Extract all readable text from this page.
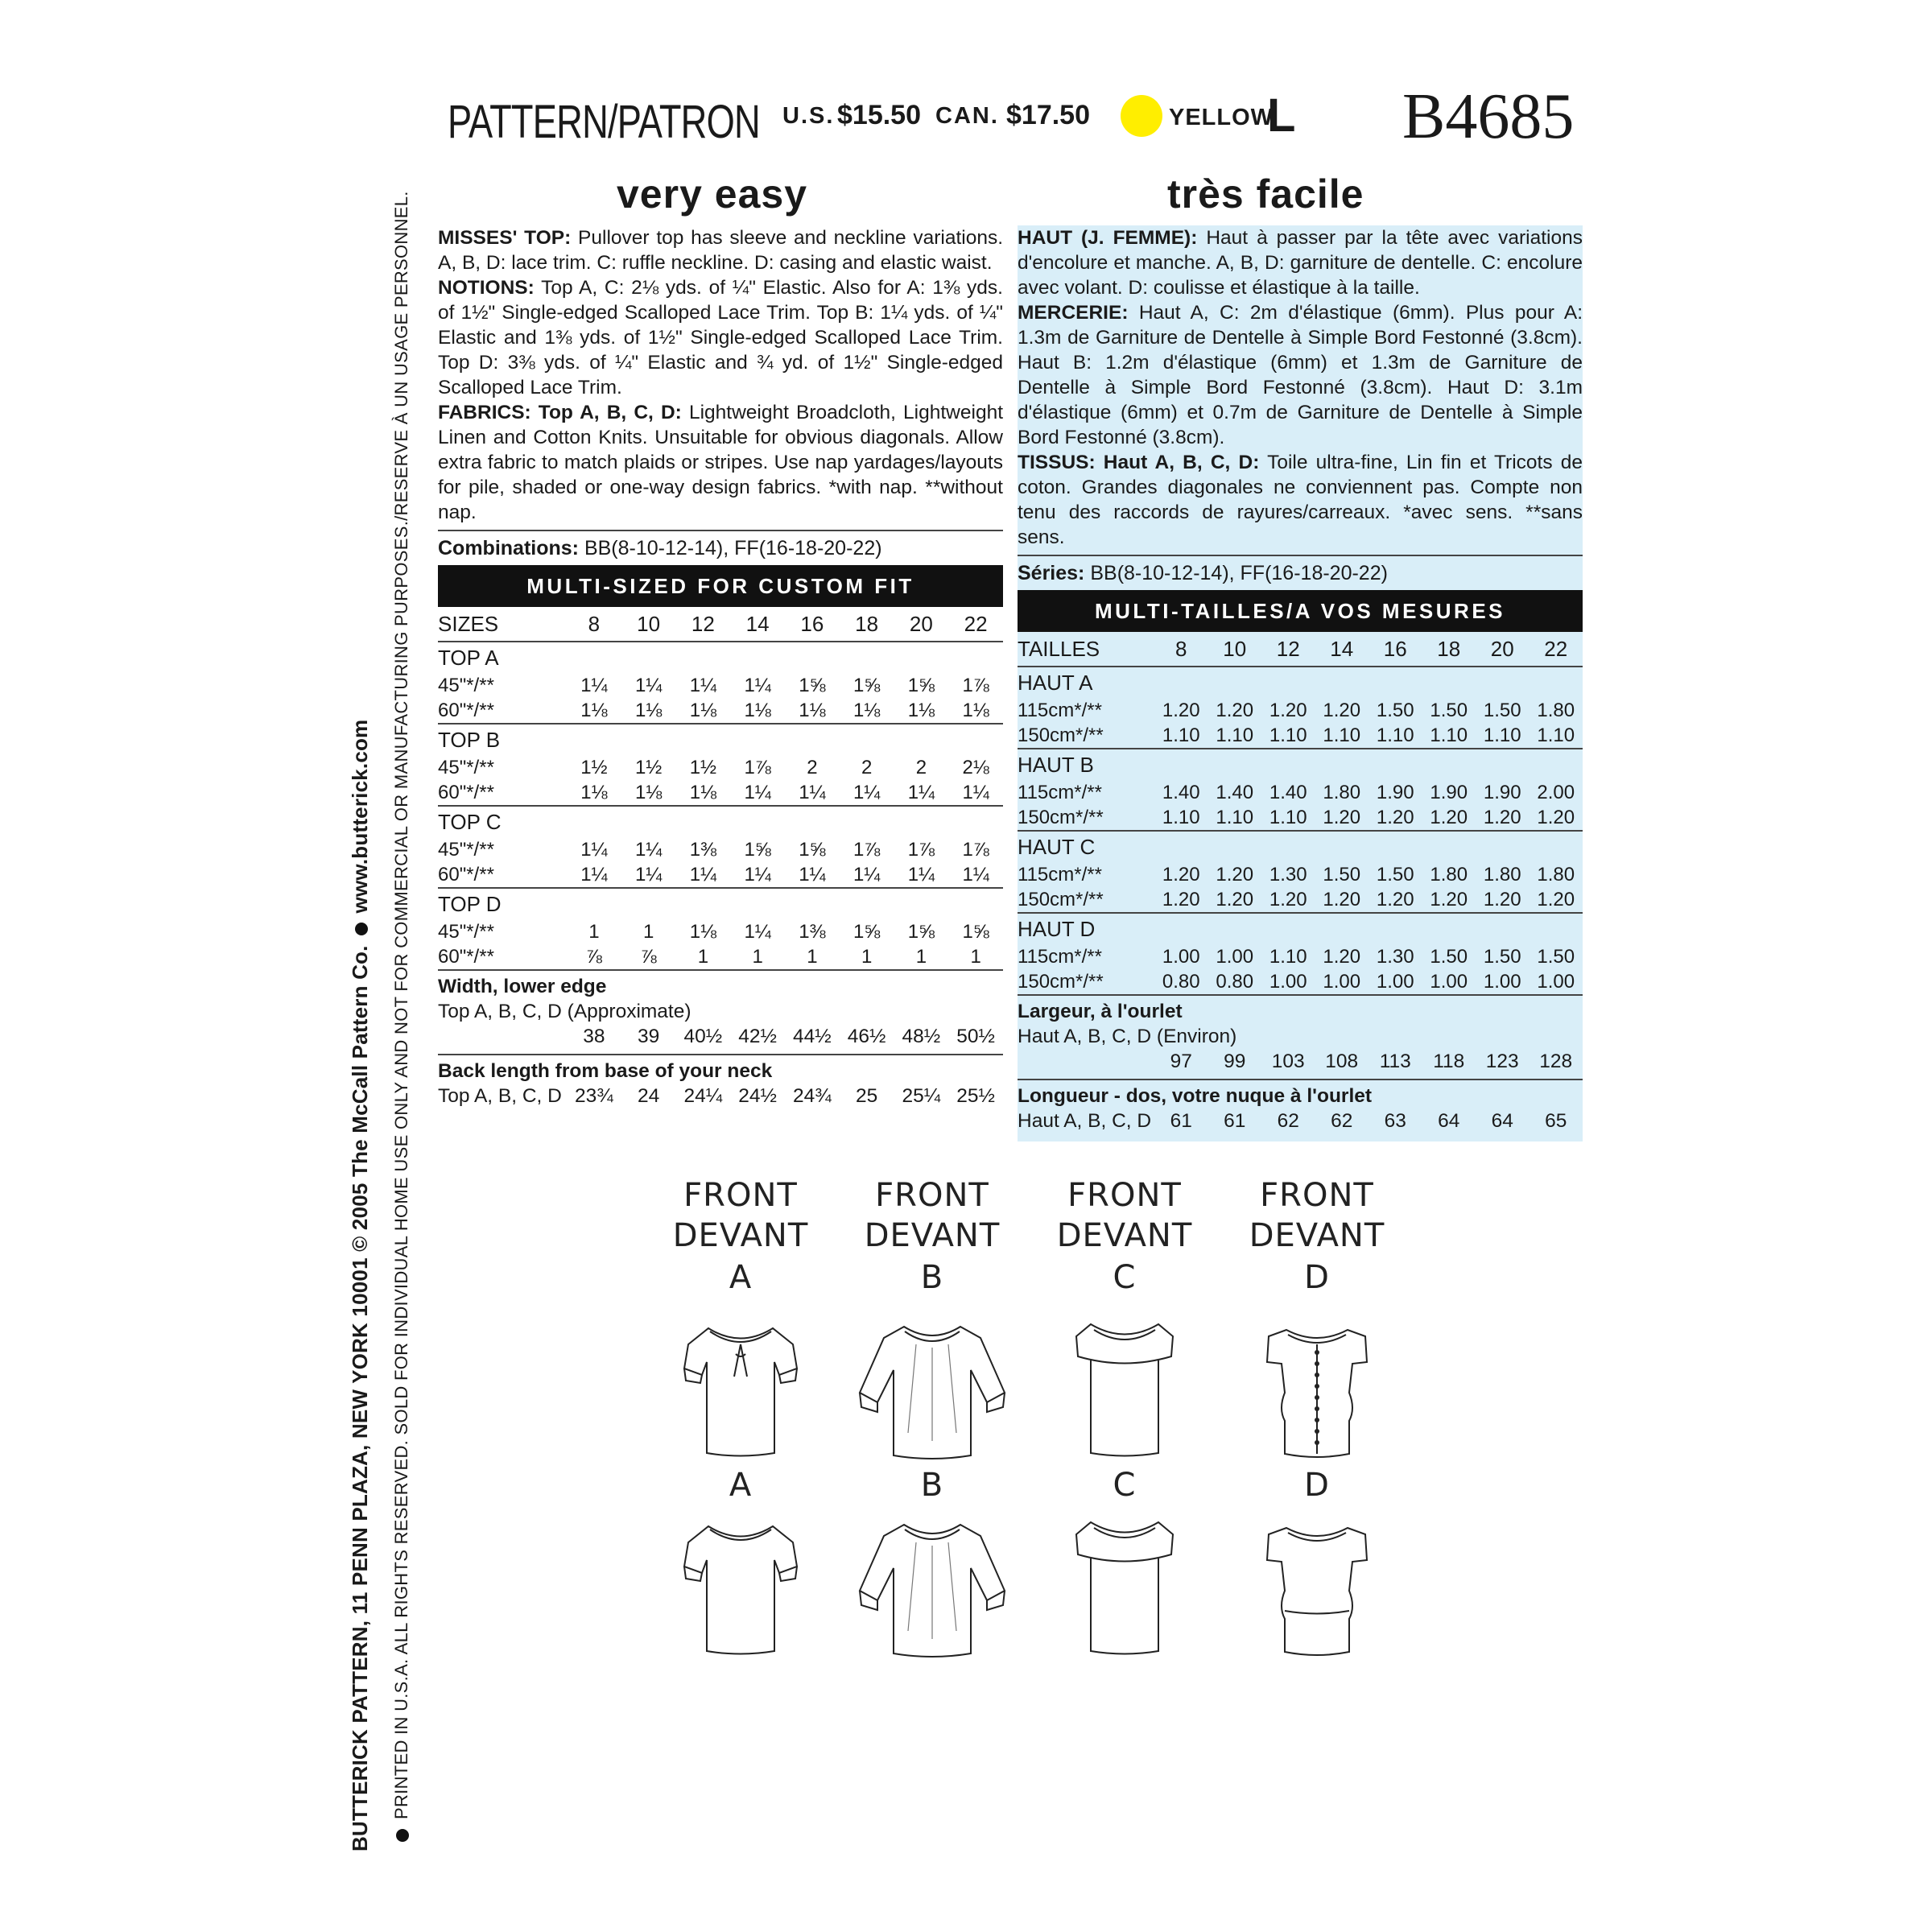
BUTTERICK PATTERN, 11 PENN PLAZA, NEW YORK 10001 © 2005 The McCall Pattern Co.www.butterick.com PRINTED IN U.S.A. ALL RIGHTS RESERVED. SOLD FOR INDIVIDUAL HOME USE ONLY AND NOT FOR COMMERCIAL OR MANUFACTURING PURPOSES./RESERVE À UN USAGE PERSONNEL.
PATTERN/PATRON U.S. $15.50 CAN. $17.50	YELLOW
L B4685
very easy	très facile

MISSES' TOP: Pullover top has sleeve and neckline variations. A, B, D: lace trim. C: ruffle neckline. D: casing and elastic waist.

NOTIONS: Top A, C: 2⅛ yds. of ¼" Elastic. Also for A: 1⅜ yds. of 1½" Single-edged Scalloped Lace Trim. Top B: 1¼ yds. of ¼" Elastic and 1⅜ yds. of 1½" Single-edged Scalloped Lace Trim. Top D: 3⅜ yds. of ¼" Elastic and ¾ yd. of 1½" Single-edged Scalloped Lace Trim.

FABRICS: Top A, B, C, D: Lightweight Broadcloth, Lightweight Linen and Cotton Knits. Unsuitable for obvious diagonals. Allow extra fabric to match plaids or stripes. Use nap yardages/layouts for pile, shaded or one-way design fabrics. *with nap. **without nap.

Combinations: BB(8-10-12-14), FF(16-18-20-22)
MULTI-SIZED FOR CUSTOM FIT
SIZES	8	10	12	14	16	18	20	22
TOP A								
45"*/**	1¼	1¼	1¼	1¼	1⅝	1⅝	1⅝	1⅞
60"*/**	1⅛	1⅛	1⅛	1⅛	1⅛	1⅛	1⅛	1⅛
TOP B								
45"*/**	1½	1½	1½	1⅞	2	2	2	2⅛
60"*/**	1⅛	1⅛	1⅛	1¼	1¼	1¼	1¼	1¼
TOP C								
45"*/**	1¼	1¼	1⅜	1⅝	1⅝	1⅞	1⅞	1⅞
60"*/**	1¼	1¼	1¼	1¼	1¼	1¼	1¼	1¼
TOP D								
45"*/**	1	1	1⅛	1¼	1⅜	1⅝	1⅝	1⅝
60"*/**	⅞	⅞	1	1	1	1	1	1
Width, lower edge
Top A, B, C, D (Approximate)
38	39	40½ 42½ 44½ 46½ 48½ 50½
Back length from base of your neck
Top A, B, C, D 23¾	24	24¼ 24½ 24¾	25	25¼ 25½

HAUT (J. FEMME): Haut à passer par la tête avec variations d'encolure et manche. A, B, D: garniture de dentelle. C: encolure avec volant. D: coulisse et élastique à la taille.

MERCERIE: Haut A, C: 2m d'élastique (6mm). Plus pour A: 1.3m de Garniture de Dentelle à Simple Bord Festonné (3.8cm). Haut B: 1.2m d'élastique (6mm) et 1.3m de Garniture de Dentelle à Simple Bord Festonné (3.8cm). Haut D: 3.1m d'élastique (6mm) et 0.7m de Garniture de Dentelle à Simple Bord Festonné (3.8cm).

TISSUS: Haut A, B, C, D: Toile ultra-fine, Lin fin et Tricots de coton. Grandes diagonales ne conviennent pas. Compte non tenu des raccords de rayures/carreaux. *avec sens. **sans sens.

Séries: BB(8-10-12-14), FF(16-18-20-22)
MULTI-TAILLES/A VOS MESURES
TAILLES	8	10	12	14	16	18	20	22
HAUT A								
115cm*/**	1.20	1.20	1.20	1.20	1.50	1.50	1.50	1.80
150cm*/**	1.10	1.10	1.10	1.10	1.10	1.10	1.10	1.10
HAUT B								
115cm*/**	1.40	1.40	1.40	1.80	1.90	1.90	1.90	2.00
150cm*/**	1.10	1.10	1.10	1.20	1.20	1.20	1.20	1.20
HAUT C								
115cm*/**	1.20	1.20	1.30	1.50	1.50	1.80	1.80	1.80
150cm*/**	1.20	1.20	1.20	1.20	1.20	1.20	1.20	1.20
HAUT D								
115cm*/**	1.00	1.00	1.10	1.20	1.30	1.50	1.50	1.50
150cm*/**	0.80	0.80	1.00	1.00	1.00	1.00	1.00	1.00
Largeur, à l'ourlet
Haut A, B, C, D (Environ)
97	99	103	108	113	118	123	128
Longueur - dos, votre nuque à l'ourlet
Haut A, B, C, D 61	61	62	62	63	64	64	65
FRONT
DEVANT
A
A
FRONT
DEVANT
B
B
FRONT
DEVANT
C
C
FRONT
DEVANT
D
D
